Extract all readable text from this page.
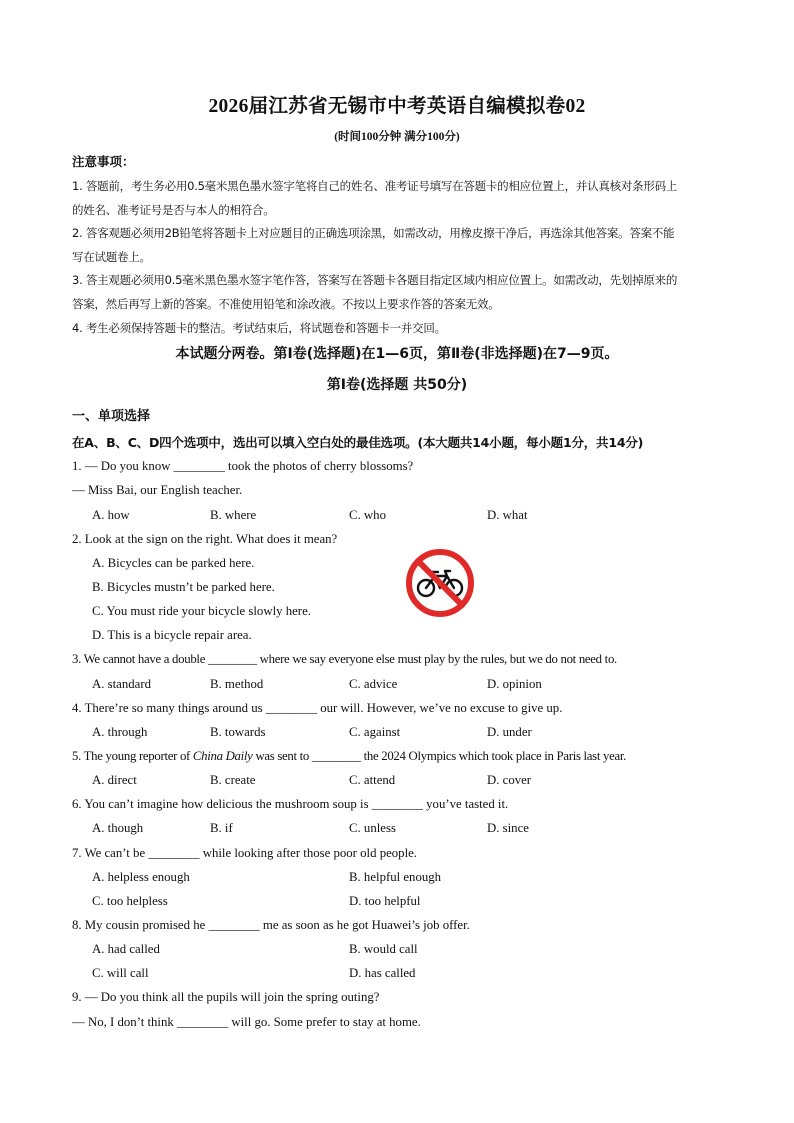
2026届江苏省无锡市中考英语自编模拟卷02
(时间100分钟 满分100分)
注意事项：
1. 答题前，考生务必用0.5毫米黑色墨水签字笔将自己的姓名、准考证号填写在答题卡的相应位置上，并认真核对条形码上
的姓名、准考证号是否与本人的相符合。
2. 答客观题必须用2B铅笔将答题卡上对应题目的正确选项涂黑，如需改动，用橡皮擦干净后，再选涂其他答案。答案不能
写在试题卷上。
3. 答主观题必须用0.5毫米黑色墨水签字笔作答，答案写在答题卡各题目指定区域内相应位置上。如需改动，先划掉原来的
答案，然后再写上新的答案。不准使用铅笔和涂改液。不按以上要求作答的答案无效。
4. 考生必须保持答题卡的整洁。考试结束后，将试题卷和答题卡一并交回。
本试题分两卷。第Ⅰ卷(选择题)在1—6页，第Ⅱ卷(非选择题)在7—9页。
第Ⅰ卷(选择题 共50分)
一、单项选择
在A、B、C、D四个选项中，选出可以填入空白处的最佳选项。(本大题共14小题，每小题1分，共14分)
1. — Do you know ________ took the photos of cherry blossoms?
— Miss Bai, our English teacher.
A. how	B. where	C. who	D. what
2. Look at the sign on the right. What does it mean?
A. Bicycles can be parked here.
B. Bicycles mustn’t be parked here.
C. You must ride your bicycle slowly here.
D. This is a bicycle repair area.
3. We cannot have a double ________ where we say everyone else must play by the rules, but we do not need to.
A. standard	B. method	C. advice	D. opinion
4. There’re so many things around us ________ our will. However, we’ve no excuse to give up.
A. through	B. towards	C. against	D. under
5. The young reporter of China Daily was sent to ________ the 2024 Olympics which took place in Paris last year.
A. direct	B. create	C. attend	D. cover
6. You can’t imagine how delicious the mushroom soup is ________ you’ve tasted it.
A. though	B. if	C. unless	D. since
7. We can’t be ________ while looking after those poor old people.
A. helpless enough	B. helpful enough
C. too helpless	D. too helpful
8. My cousin promised he ________ me as soon as he got Huawei’s job offer.
A. had called	B. would call
C. will call	D. has called
9. — Do you think all the pupils will join the spring outing?
— No, I don’t think ________ will go. Some prefer to stay at home.
